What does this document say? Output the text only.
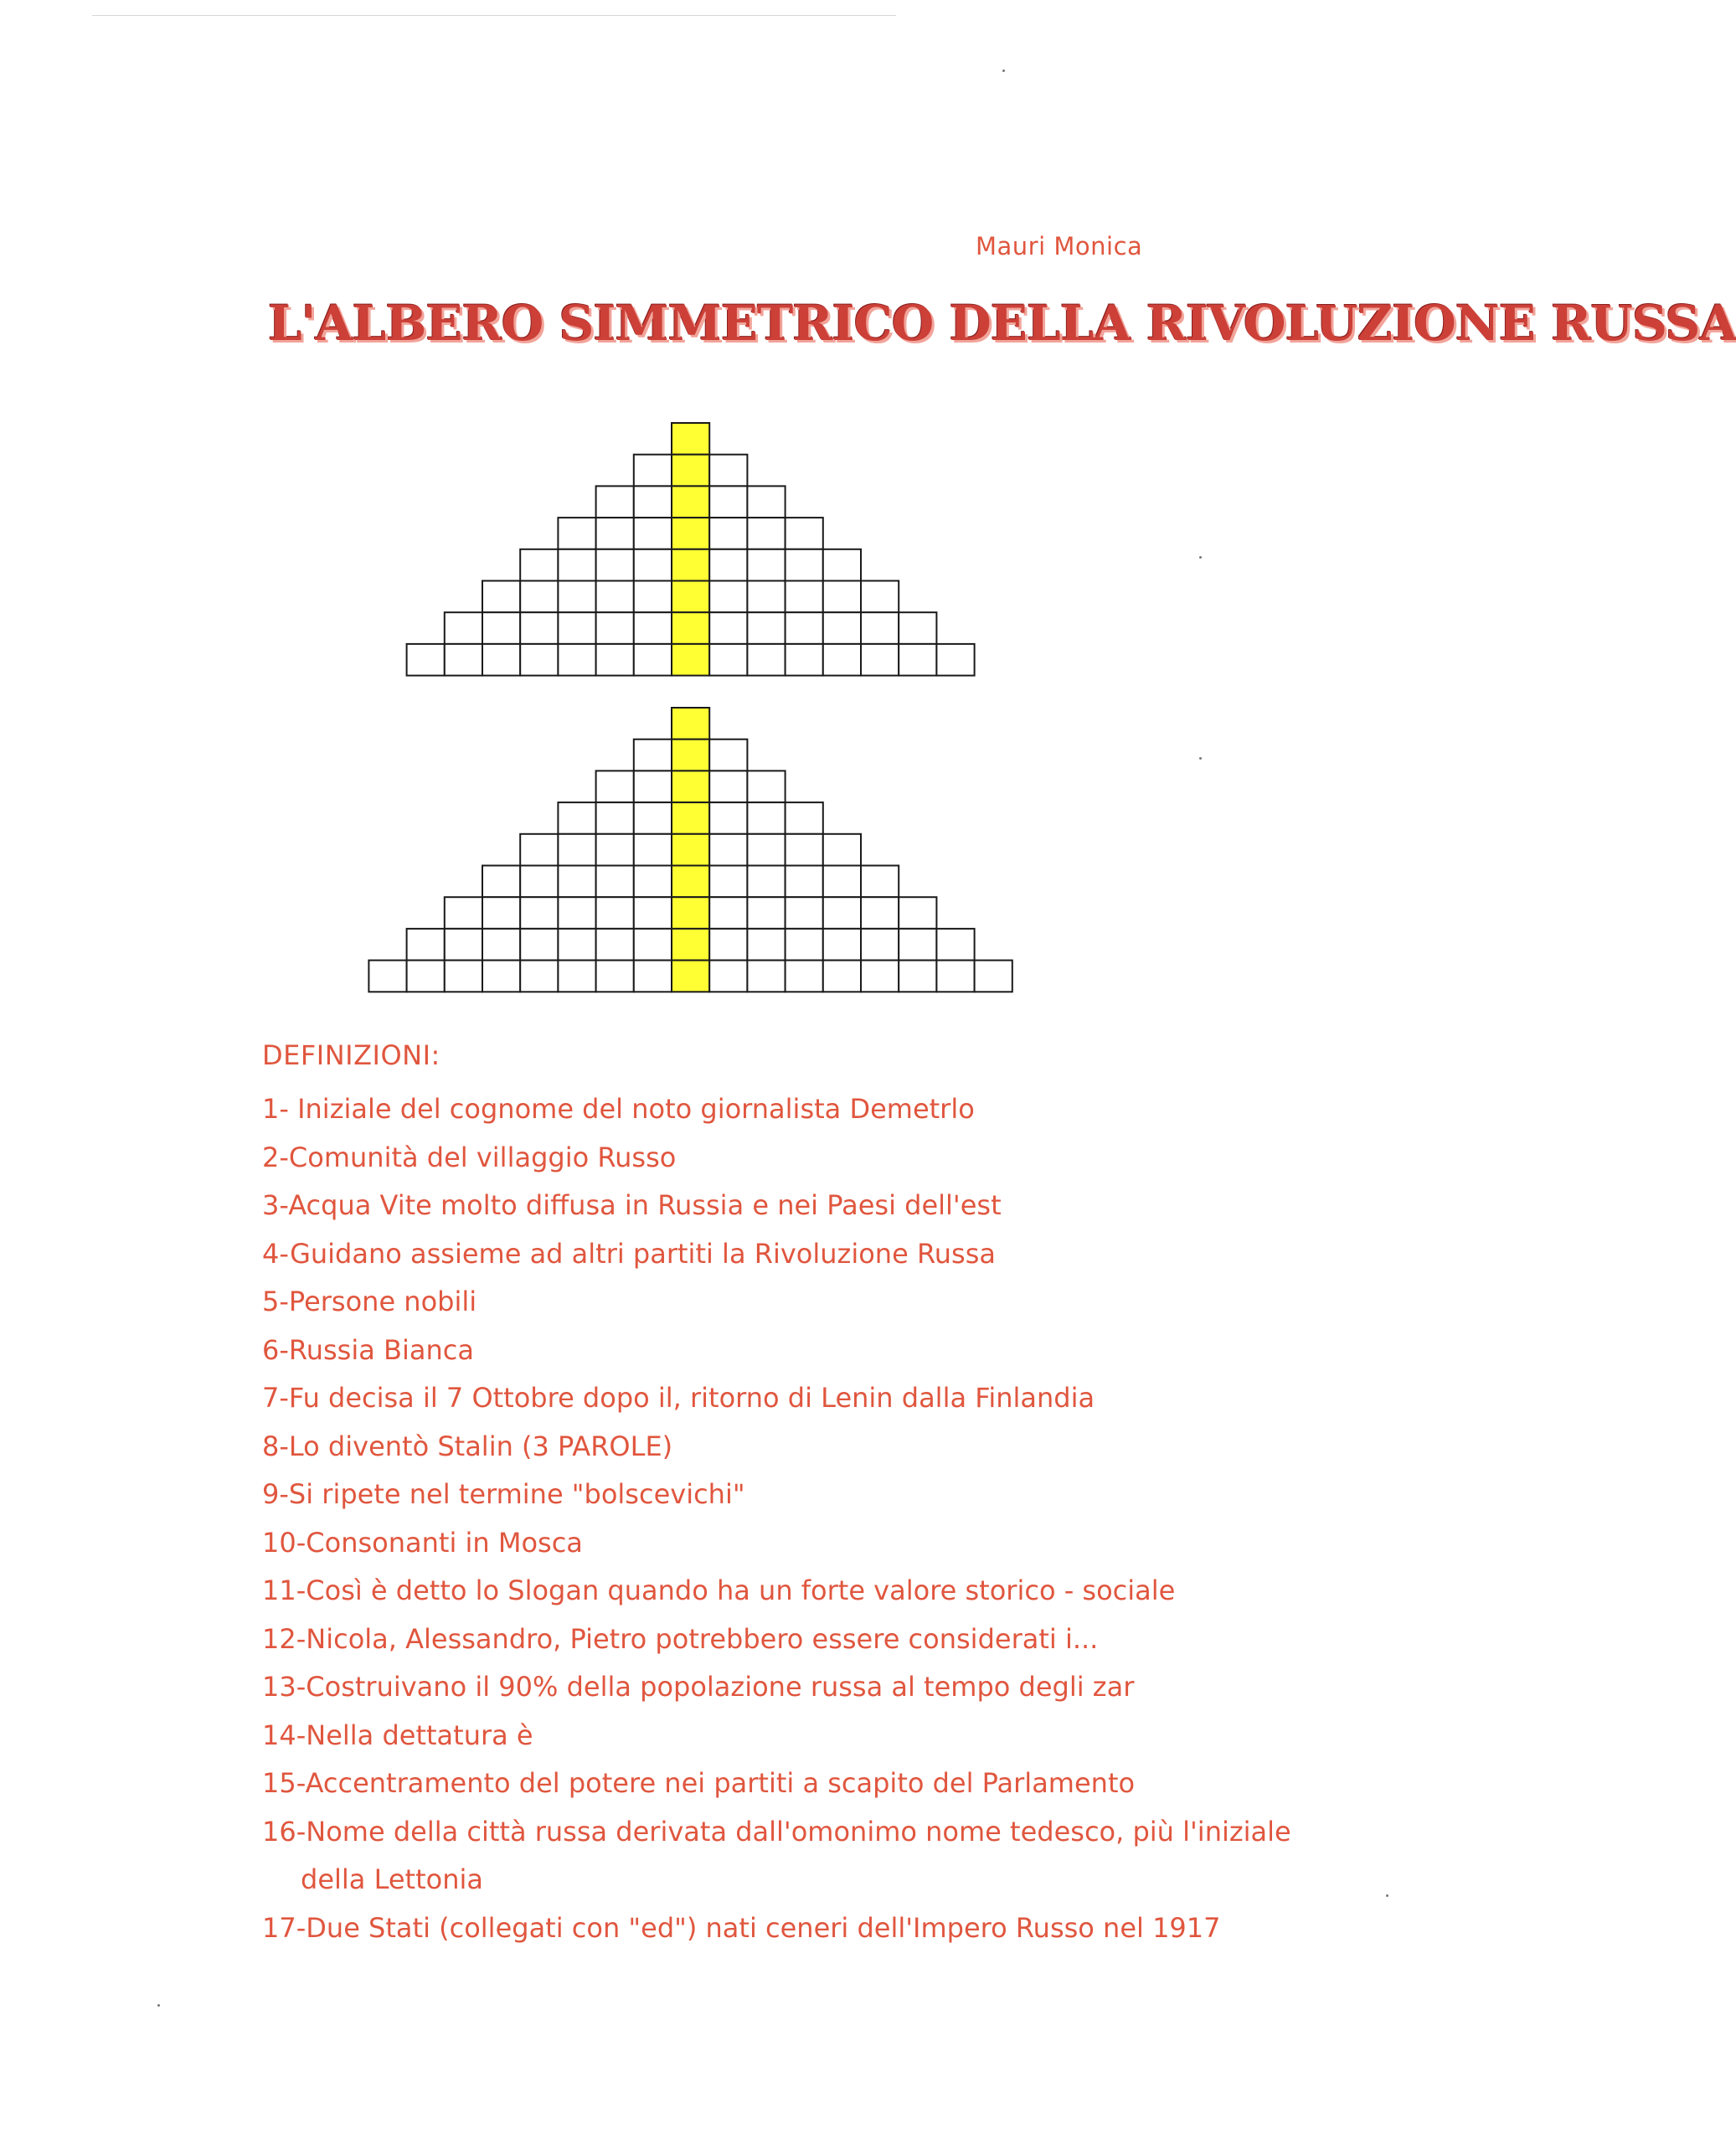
Mauri Monica
L'ALBERO SIMMETRICO DELLA RIVOLUZIONE RUSSA
DEFINIZIONI:
1- Iniziale del cognome del noto giornalista Demetrlo
2-Comunità del villaggio Russo
3-Acqua Vite molto diffusa in Russia e nei Paesi dell'est
4-Guidano assieme ad altri partiti la Rivoluzione Russa
5-Persone nobili
6-Russia Bianca
7-Fu decisa il 7 Ottobre dopo il, ritorno di Lenin dalla Finlandia
8-Lo diventò Stalin (3 PAROLE)
9-Si ripete nel termine "bolscevichi"
10-Consonanti in Mosca
11-Così è detto lo Slogan quando ha un forte valore storico - sociale
12-Nicola, Alessandro, Pietro potrebbero essere considerati i...
13-Costruivano il 90% della popolazione russa al tempo degli zar
14-Nella dettatura è
15-Accentramento del potere nei partiti a scapito del Parlamento
16-Nome della città russa derivata dall'omonimo nome tedesco, più l'iniziale
della Lettonia
17-Due Stati (collegati con "ed") nati ceneri dell'Impero Russo nel 1917
